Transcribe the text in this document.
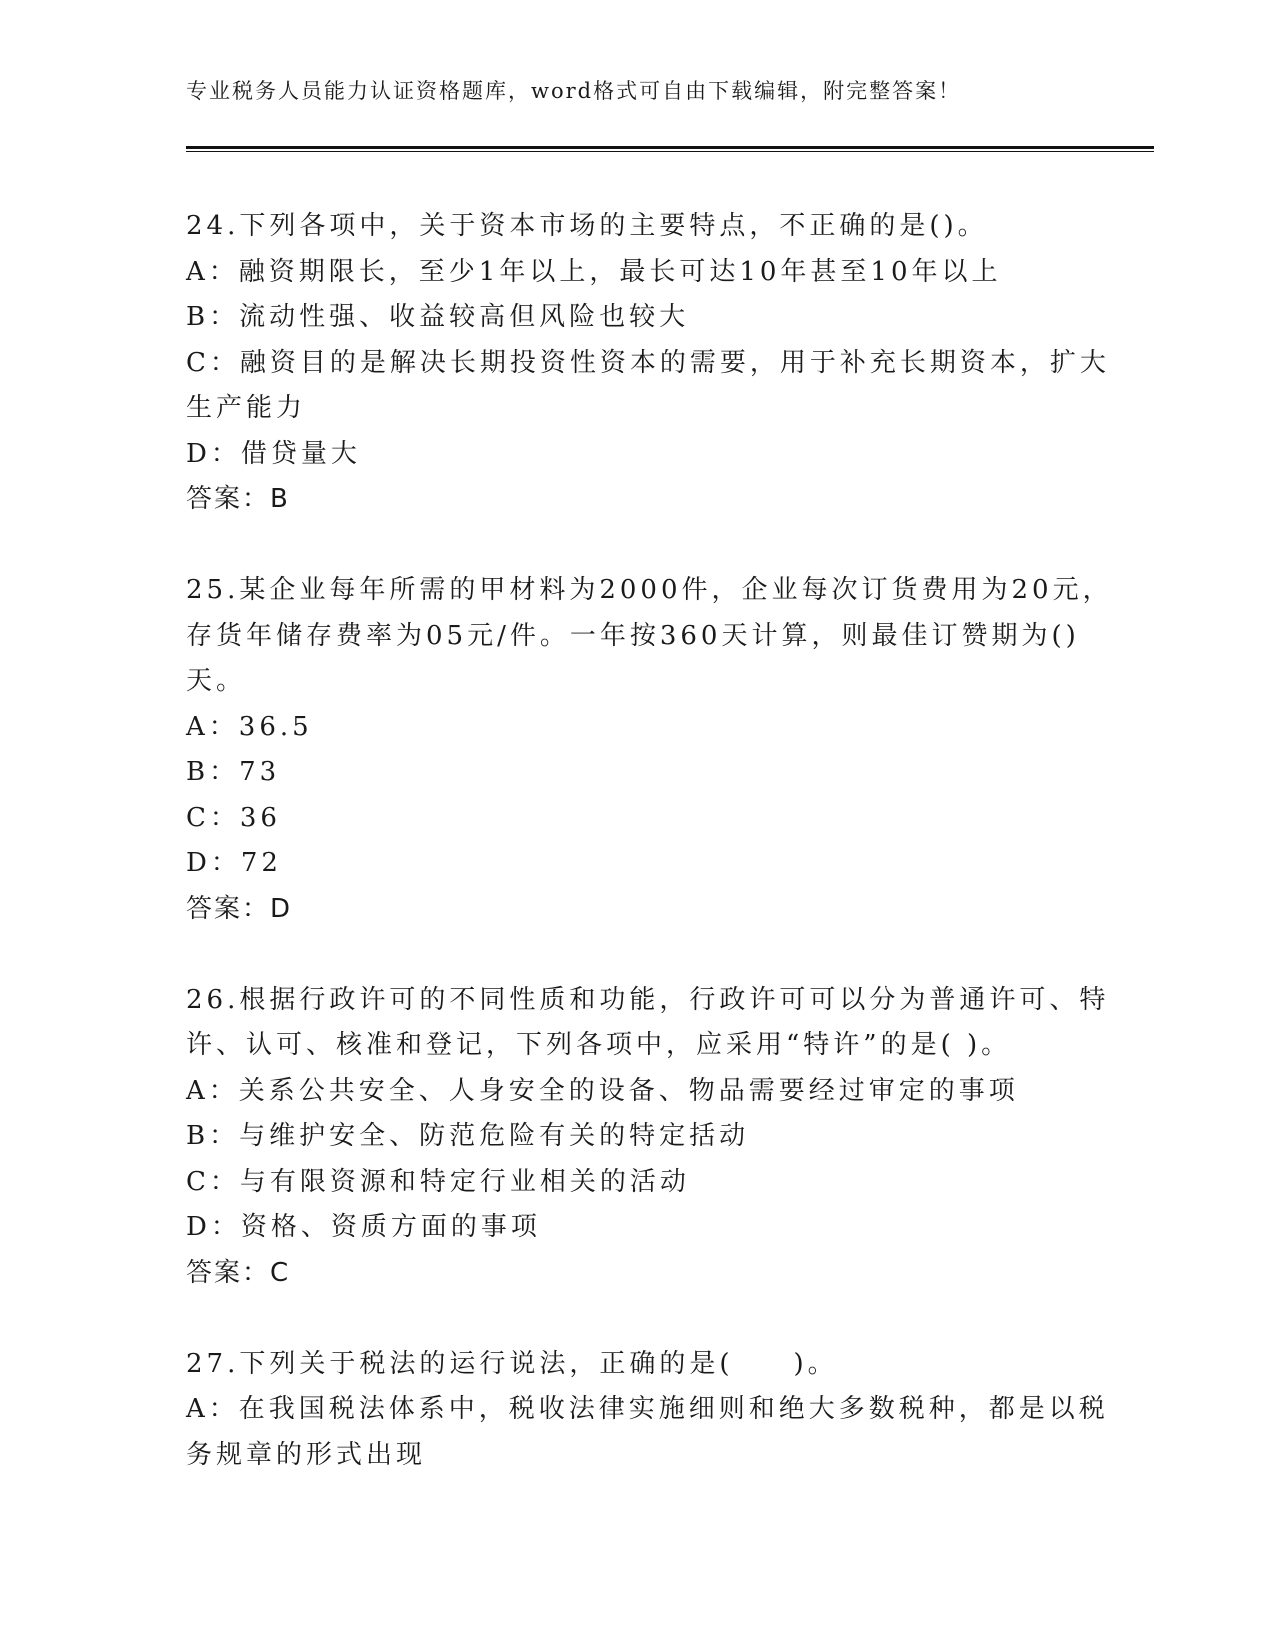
专业税务人员能力认证资格题库，word格式可自由下载编辑，附完整答案！
24.下列各项中，关于资本市场的主要特点，不正确的是()。
A：融资期限长，至少1年以上，最长可达10年甚至10年以上
B：流动性强、收益较高但风险也较大
C：融资目的是解决长期投资性资本的需要，用于补充长期资本，扩大
生产能力
D：借贷量大
答案：B
25.某企业每年所需的甲材料为2000件，企业每次订货费用为20元，
存货年储存费率为05元/件。一年按360天计算，则最佳订赞期为()
天。
A：36.5
B：73
C：36
D：72
答案：D
26.根据行政许可的不同性质和功能，行政许可可以分为普通许可、特
许、认可、核准和登记，下列各项中，应采用“特许”的是( )。
A：关系公共安全、人身安全的设备、物品需要经过审定的事项
B：与维护安全、防范危险有关的特定括动
C：与有限资源和特定行业相关的活动
D：资格、资质方面的事项
答案：C
27.下列关于税法的运行说法，正确的是(　　)。
A：在我国税法体系中，税收法律实施细则和绝大多数税种，都是以税
务规章的形式出现
